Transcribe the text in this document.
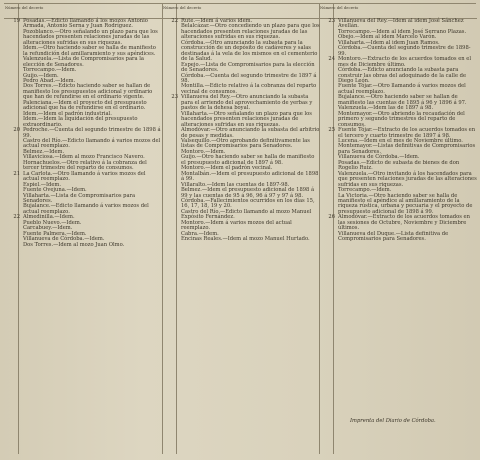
Número del decreto
19 Posadas.—Edicto llamando á los mozos Antonio Armada, Antonio Serna y Juan Rodríguez.
Pozoblanco.—Otro señalando un plazo para que los hacendados presenten relaciones juradas de las alteraciones sufridas en sus riquezas.
Idem.—Otro haciendo saber se halla de manifiesto la refundición del amillaramiento y sus apéndices.
Valenzuela.—Lista de Compromisarios para la elección de Senadores.
Torrecampo.—Idem.
Guijo.—Idem.
Pedro Abad.—Idem.
Dos Torres.—Edicto haciendo saber se hallan de manifiesto los presupuestos adicional y ordinario que han de refundirse en el ordinario vigente.
Palenciana.—Idem el proyecto del presupuesto adicional que ha de refundirse en el ordinario.
Idem.—Idem el padrón industrial.
Idem.—Idem la liquidación del presupuesto extraordinario.
20 Pedroche.—Cuenta del segundo trimestre de 1898 á 99.
Castro del Río.—Edicto llamando á varios mozos del actual reemplazo.
Belmez.—Idem.
Villaviciosa.—Idem al mozo Francisco Navero.
Hornachuelos.—Otro relativo á la cobranza del tercer trimestre del reparto de consumos.
21 La Carlota.—Otro llamando á varios mozos del actual reemplazo.
Espiel.—Idem.
Fuente Ovejuna.—Idem.
Villaharta.—Lista de Compromisarios para Senadores.
Bujalance.—Edicto llamando á varios mozos del actual reemplazo.
22 Almedinilla.—Idem.
Pueblo Nuevo.—Idem.
Carcabuey.—Idem.
Fuente Palmera.—Idem.
Villanueva de Córdoba.—Idem.
Dos Torres.—Idem al mozo Juan Olmo.
Número del decreto
22 Rute.—Idem á varios idem.
Belalcázar.—Otro concediendo un plazo para que los hacendados presenten relaciones juradas de las alteraciones sufridas en sus riquezas.
Córdoba.—Otro anunciando la subasta para la construcción de un depósito de cadáveres y salas destinadas á la vela de los mismos en el cementerio de la Salud.
Espejo.—Lista de Compromisarios para la elección de Senadores.
Córdoba.—Cuenta del segundo trimestre de 1897 á 98.
Montilla.—Edicto relativo á la cobranza del reparto vecinal de consumos.
23 Villanueva del Rey.—Otro anunciando la subasta para el arriendo del aprovechamiento de yerbas y pastos de la dehesa boyal.
Villaharta.—Otro señalando un plazo para que los hacendados presenten relaciones juradas de alteraciones sufridas en sus riquezas.
Almodóvar.—Otro anunciando la subasta del arbitrio de pesas y medidas.
Valsequillo.—Otro aprobando definitivamente las listas de Compromisarios para Senadores.
Montoro.—Idem.
Guijo.—Otro haciendo saber se halla de manifiesto el presupuesto adicional de 1897 á 98.
Montoro.—Idem el padrón vecinal.
Montalbán.—Idem el presupuesto adicional de 1898 á 99.
Villaralto.—Idem las cuentas de 1897-98.
Belmez.—Idem el presupuesto adicional de 1898 á 99 y las cuentas de 95 á 96, 96 á 97 y 97 á 98.
Córdoba.—Fallecimientos ocurridos en los días 15, 16, 17, 18, 19 y 20.
Castro del Río.—Edicto llamando al mozo Manuel Expósito Fernández.
Montoro.—Idem á varios mozos del actual reemplazo.
Cabra.—Idem.
Encinas Reales.—Idem al mozo Manuel Hurtado.
Número del decreto
23 Villanueva del Rey.—Idem al idem José Sánchez Avellán.
Torrecampo.—Idem al idem José Serrano Plazas.
Obejo.—Idem al idem Marcelo Varón.
Villaharta.—Idem al idem Juan Ramos.
Córdoba.—Cuenta del segundo trimestre de 1898-99.
24 Montoro.—Extracto de los acuerdos tomados en el mes de Diciembre último.
Córdoba.—Edicto anunciando la subasta para construir las obras del adoquinado de la calle de Diego León.
Fuente Tójar.—Otro llamando á varios mozos del actual reemplazo.
Bujalance.—Otro haciendo saber se hallan de manifiesto las cuentas de 1895 á 96 y 1896 á 97.
Valenzuela.—Idem las de 1897 á 98.
Montemayor.—Otro abriendo la recaudación del primero y segundo trimestres del reparto de consumos.
25 Fuente Tójar.—Extracto de los acuerdos tomados en el tercero y cuarto trimestre de 1897 á 98.
Lucena.—Idem en el mes de Noviembre último.
Montemayor.—Listas definitivas de Compromisarios para Senadores.
Villanueva de Córdoba.—Idem.
Posadas.—Edicto de subasta de bienes de don Rogelio Ruiz.
Valenzuela.—Otro invitando á los hacendados para que presenten relaciones juradas de las alteraciones sufridas en sus riquezas.
Torrecampo.—Idem.
La Victoria.—Otro haciendo saber se halla de manifiesto el apéndice al amillaramiento de la riqueza rústica, urbana y pecuaria y el proyecto de presupuesto adicional de 1898 á 99.
26 Almodóvar.—Extracto de los acuerdos tomados en las sesiones de Octubre, Noviembre y Diciembre últimos.
Villanueva del Duque.—Lista definitiva de Compromisarios para Senadores.
Imprenta del Diario de Córdoba.
